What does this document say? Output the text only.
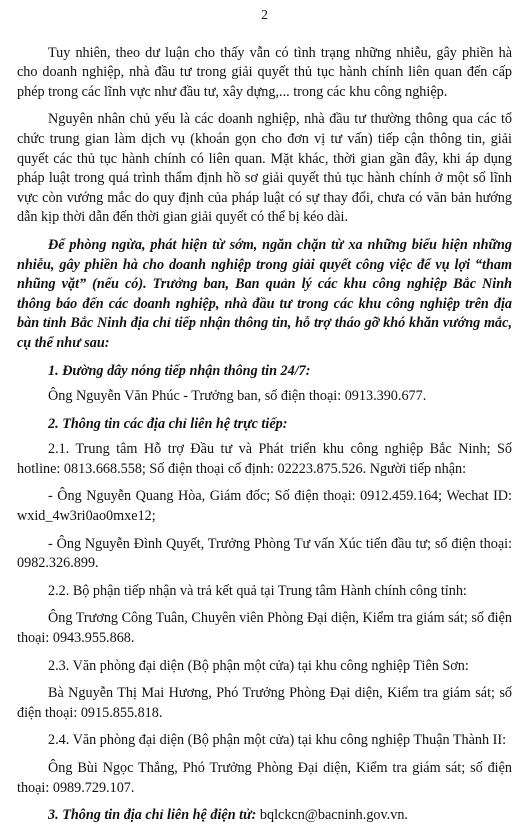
2

Tuy nhiên, theo dư luận cho thấy vẫn có tình trạng những nhiễu, gây phiền hà cho doanh nghiệp, nhà đầu tư trong giải quyết thủ tục hành chính liên quan đến cấp phép trong các lĩnh vực như đầu tư, xây dựng,... trong các khu công nghiệp.

Nguyên nhân chủ yếu là các doanh nghiệp, nhà đầu tư thường thông qua các tổ chức trung gian làm dịch vụ (khoán gọn cho đơn vị tư vấn) tiếp cận thông tin, giải quyết các thủ tục hành chính có liên quan. Mặt khác, thời gian gần đây, khi áp dụng pháp luật trong quá trình thẩm định hồ sơ giải quyết thủ tục hành chính ở một số lĩnh vực còn vướng mắc do quy định của pháp luật có sự thay đổi, chưa có văn bản hướng dẫn kịp thời dẫn đến thời gian giải quyết có thể bị kéo dài.

Để phòng ngừa, phát hiện từ sớm, ngăn chặn từ xa những biểu hiện những nhiễu, gây phiền hà cho doanh nghiệp trong giải quyết công việc để vụ lợi “tham nhũng vặt” (nếu có). Trưởng ban, Ban quản lý các khu công nghiệp Bắc Ninh thông báo đến các doanh nghiệp, nhà đầu tư trong các khu công nghiệp trên địa bàn tỉnh Bắc Ninh địa chỉ tiếp nhận thông tin, hỗ trợ tháo gỡ khó khăn vướng mắc, cụ thể như sau:

1. Đường dây nóng tiếp nhận thông tin 24/7:

Ông Nguyễn Văn Phúc - Trưởng ban, số điện thoại: 0913.390.677.

2. Thông tin các địa chỉ liên hệ trực tiếp:

2.1. Trung tâm Hỗ trợ Đầu tư và Phát triển khu công nghiệp Bắc Ninh; Số hotline: 0813.668.558; Số điện thoại cố định: 02223.875.526. Người tiếp nhận:

- Ông Nguyễn Quang Hòa, Giám đốc; Số điện thoại: 0912.459.164; Wechat ID: wxid_4w3ri0ao0mxe12;

- Ông Nguyễn Đình Quyết, Trưởng Phòng Tư vấn Xúc tiến đầu tư; số điện thoại: 0982.326.899.

2.2. Bộ phận tiếp nhận và trả kết quả tại Trung tâm Hành chính công tỉnh:

Ông Trương Công Tuân, Chuyên viên Phòng Đại diện, Kiểm tra giám sát; số điện thoại: 0943.955.868.

2.3. Văn phòng đại diện (Bộ phận một cửa) tại khu công nghiệp Tiên Sơn:

Bà Nguyễn Thị Mai Hương, Phó Trưởng Phòng Đại diện, Kiểm tra giám sát; số điện thoại: 0915.855.818.

2.4. Văn phòng đại diện (Bộ phận một cửa) tại khu công nghiệp Thuận Thành II:

Ông Bùi Ngọc Thắng, Phó Trưởng Phòng Đại diện, Kiểm tra giám sát; số điện thoại: 0989.729.107.

3. Thông tin địa chỉ liên hệ điện tử: bqlckcn@bacninh.gov.vn.
